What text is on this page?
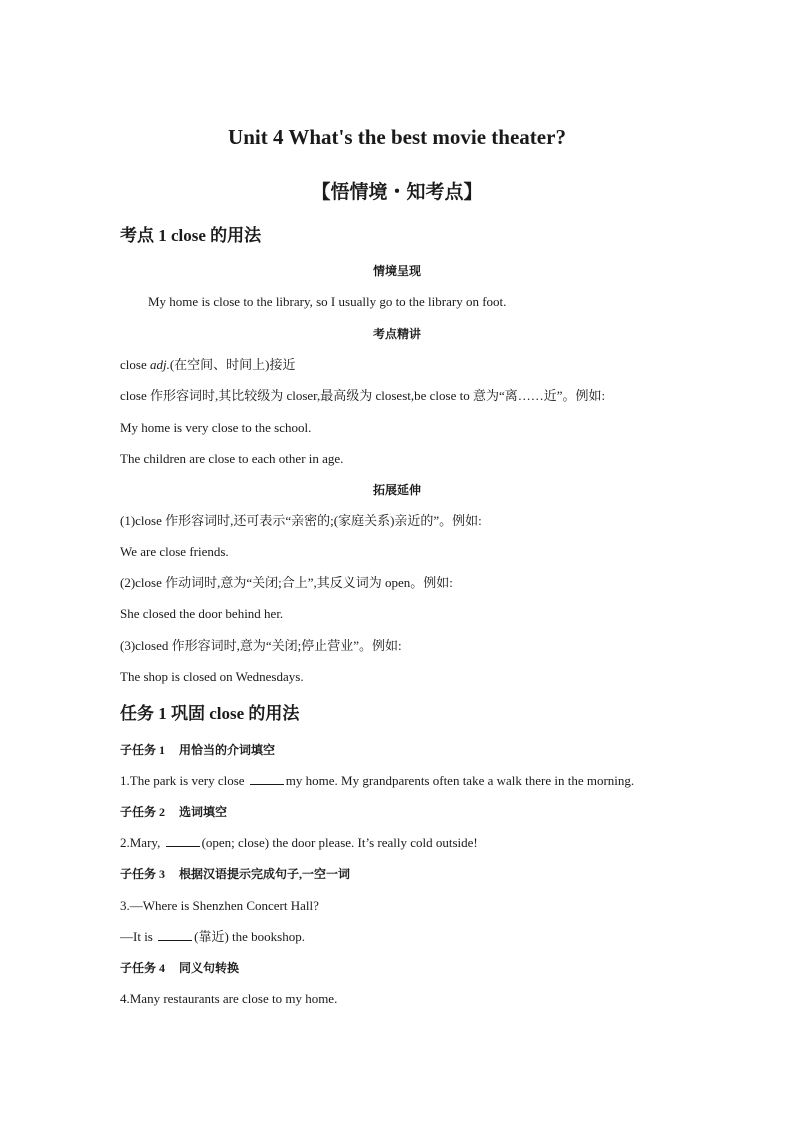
Unit 4 What's the best movie theater?
【悟情境・知考点】
考点 1 close 的用法
情境呈现
My home is close to the library, so I usually go to the library on foot.
考点精讲
close adj.(在空间、时间上)接近
close 作形容词时,其比较级为 closer,最高级为 closest,be close to 意为“离……近”。例如:
My home is very close to the school.
The children are close to each other in age.
拓展延伸
(1)close 作形容词时,还可表示“亲密的;(家庭关系)亲近的”。例如:
We are close friends.
(2)close 作动词时,意为“关闭;合上”,其反义词为 open。例如:
She closed the door behind her.
(3)closed 作形容词时,意为“关闭;停止营业”。例如:
The shop is closed on Wednesdays.
任务 1 巩固 close 的用法
子任务 1 用恰当的介词填空
1.The park is very close	my home. My grandparents often take a walk there in the morning.
子任务 2 选词填空
2.Mary,	(open; close) the door please. It’s really cold outside!
子任务 3 根据汉语提示完成句子,一空一词
3.—Where is Shenzhen Concert Hall?
—It is	(靠近) the bookshop.
子任务 4 同义句转换
4.Many restaurants are close to my home.
